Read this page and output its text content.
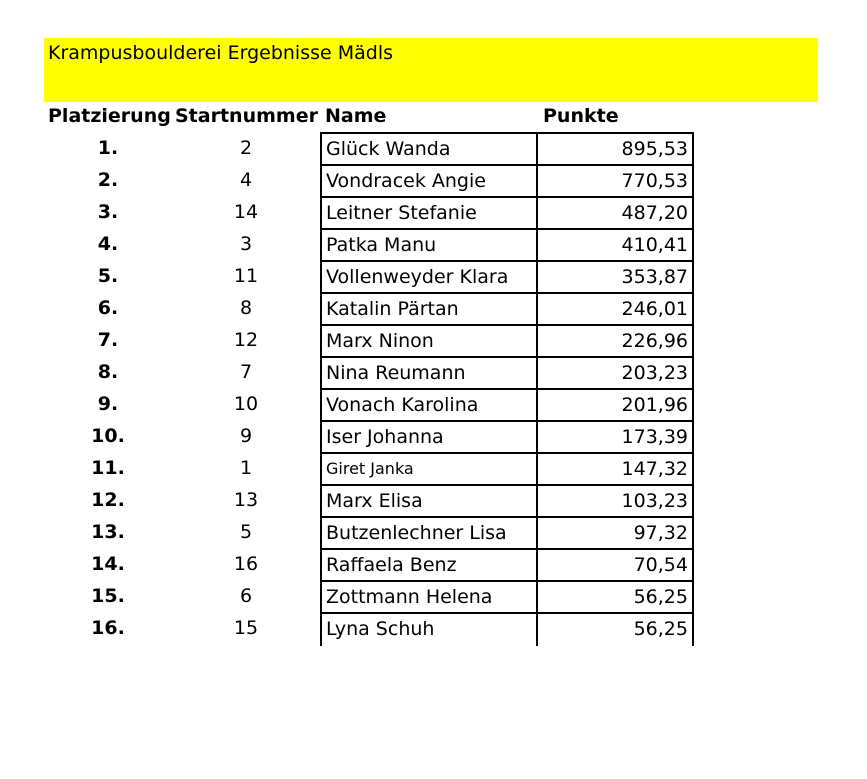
Krampusboulderei Ergebnisse Mädls
Platzierung Startnummer Name	Punkte
1.	2	Glück Wanda	895,53
2.	4	Vondracek Angie	770,53
3.	14	Leitner Stefanie	487,20
4.	3	Patka Manu	410,41
5.	11	Vollenweyder Klara	353,87
6.	8	Katalin Pärtan	246,01
7.	12	Marx Ninon	226,96
8.	7	Nina Reumann	203,23
9.	10	Vonach Karolina	201,96
10.	9	Iser Johanna	173,39
11.	1	Giret Janka	147,32
12.	13	Marx Elisa	103,23
13.	5	Butzenlechner Lisa	97,32
14.	16	Raffaela Benz	70,54
15.	6	Zottmann Helena	56,25
16.	15	Lyna Schuh	56,25
